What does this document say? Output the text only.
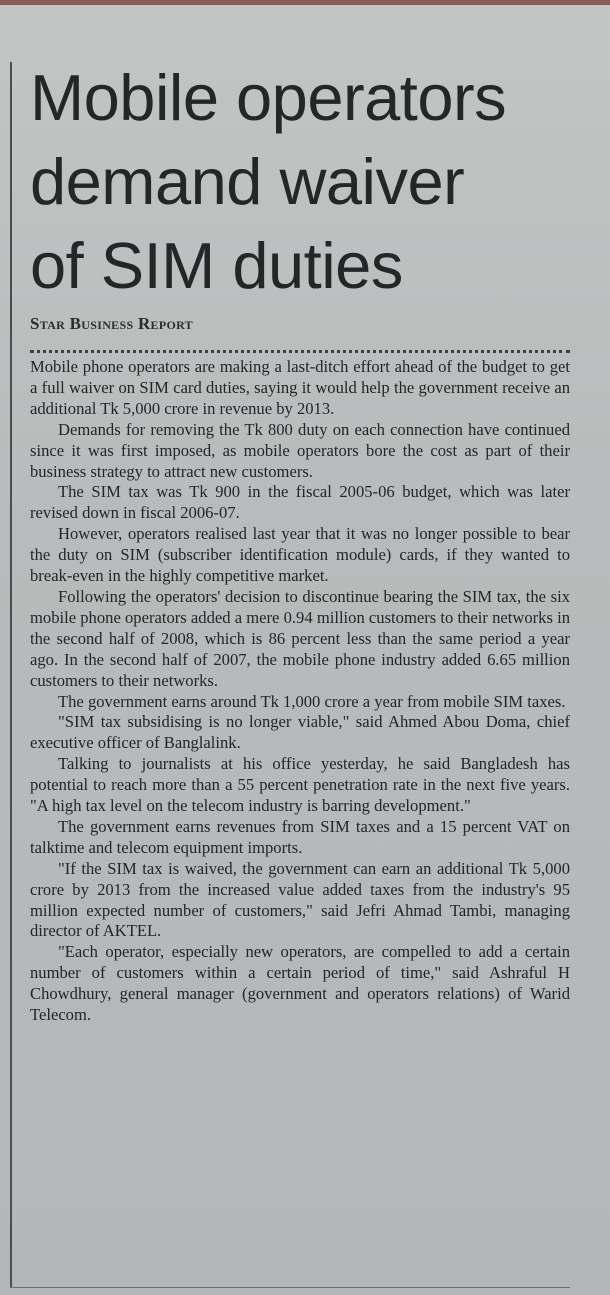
Mobile operators
demand waiver
of SIM duties
Star Business Report

Mobile phone operators are making a last-ditch effort ahead of the budget to get a full waiver on SIM card duties, saying it would help the government receive an additional Tk 5,000 crore in revenue by 2013.

Demands for removing the Tk 800 duty on each connection have continued since it was first imposed, as mobile operators bore the cost as part of their business strategy to attract new customers.

The SIM tax was Tk 900 in the fiscal 2005-06 budget, which was later revised down in fiscal 2006-07.

However, operators realised last year that it was no longer possible to bear the duty on SIM (subscriber identification module) cards, if they wanted to break-even in the highly competitive market.

Following the operators' decision to discontinue bearing the SIM tax, the six mobile phone operators added a mere 0.94 million customers to their networks in the second half of 2008, which is 86 percent less than the same period a year ago. In the second half of 2007, the mobile phone industry added 6.65 million customers to their networks.

The government earns around Tk 1,000 crore a year from mobile SIM taxes.

"SIM tax subsidising is no longer viable," said Ahmed Abou Doma, chief executive officer of Banglalink.

Talking to journalists at his office yesterday, he said Bangladesh has potential to reach more than a 55 percent penetration rate in the next five years. "A high tax level on the telecom industry is barring development."

The government earns revenues from SIM taxes and a 15 percent VAT on talktime and telecom equipment imports.

"If the SIM tax is waived, the government can earn an additional Tk 5,000 crore by 2013 from the increased value added taxes from the industry's 95 million expected number of customers," said Jefri Ahmad Tambi, managing director of AKTEL.

"Each operator, especially new operators, are compelled to add a certain number of customers within a certain period of time," said Ashraful H Chowdhury, general manager (government and operators relations) of Warid Telecom.
